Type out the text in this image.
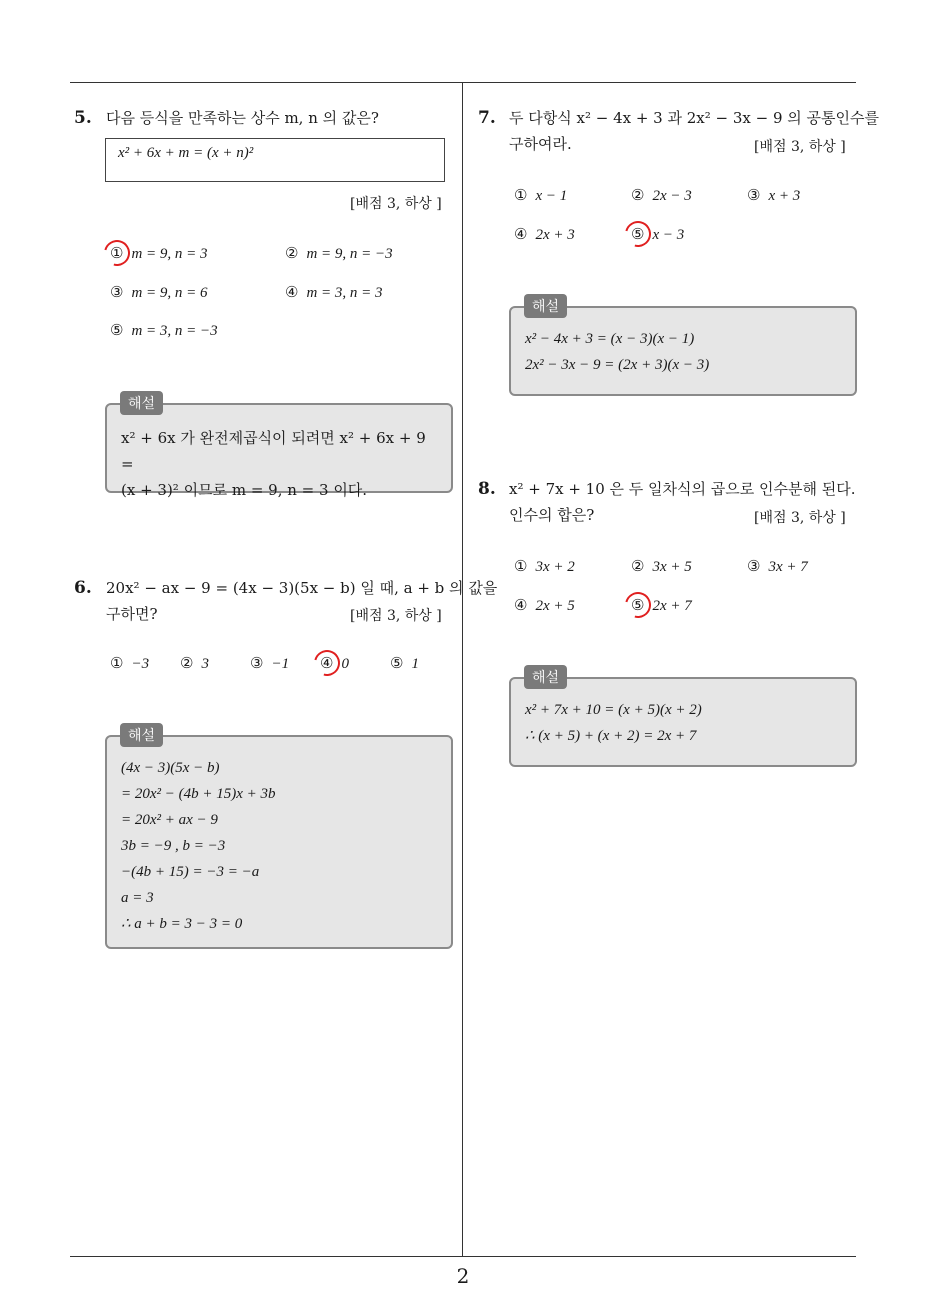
2
5. 다음 등식을 만족하는 상수 m, n 의 값은?
x² + 6x + m = (x + n)²
[배점 3, 하상 ]
① m = 9, n = 3	② m = 9, n = −3
③ m = 9, n = 6	④ m = 3, n = 3
⑤ m = 3, n = −3
x² + 6x 가 완전제곱식이 되려면 x² + 6x + 9 =
(x + 3)² 이므로 m = 9, n = 3 이다.
해설
6. 20x² − ax − 9 = (4x − 3)(5x − b) 일 때, a + b 의 값을
구하면?	[배점 3, 하상 ]
① −3 ② 3	③ −1 ④ 0	⑤ 1
(4x − 3)(5x − b)
= 20x² − (4b + 15)x + 3b
= 20x² + ax − 9
3b = −9 , b = −3
−(4b + 15) = −3 = −a
a = 3
∴ a + b = 3 − 3 = 0
해설
7. 두 다항식 x² − 4x + 3 과 2x² − 3x − 9 의 공통인수를
구하여라.	[배점 3, 하상 ]
① x − 1	② 2x − 3	③ x + 3
④ 2x + 3	⑤ x − 3
x² − 4x + 3 = (x − 3)(x − 1)
2x² − 3x − 9 = (2x + 3)(x − 3)
해설
8. x² + 7x + 10 은 두 일차식의 곱으로 인수분해 된다.
인수의 합은?	[배점 3, 하상 ]
① 3x + 2	② 3x + 5	③ 3x + 7
④ 2x + 5	⑤ 2x + 7
x² + 7x + 10 = (x + 5)(x + 2)
∴ (x + 5) + (x + 2) = 2x + 7
해설
